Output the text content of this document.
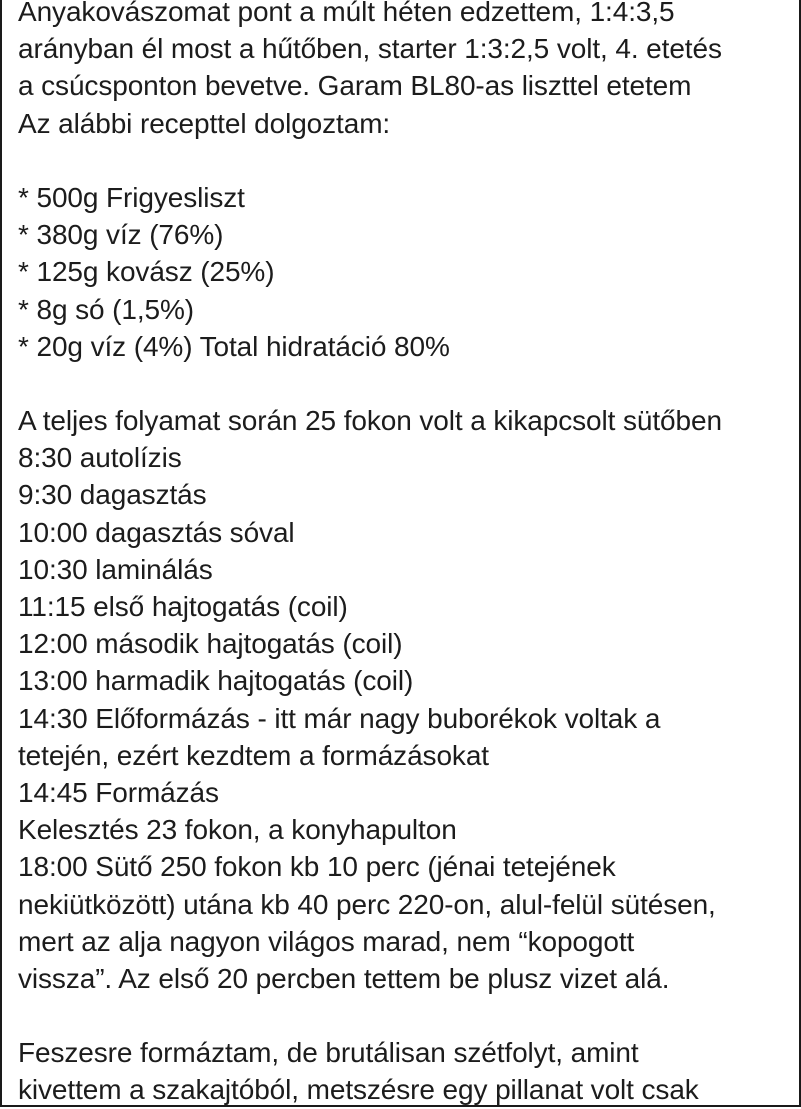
Anyakovászomat pont a múlt héten edzettem, 1:4:3,5
arányban él most a hűtőben, starter 1:3:2,5 volt, 4. etetés
a csúcsponton bevetve. Garam BL80-as liszttel etetem
Az alábbi recepttel dolgoztam:
* 500g Frigyesliszt
* 380g víz (76%)
* 125g kovász (25%)
* 8g só (1,5%)
* 20g víz (4%) Total hidratáció 80%
A teljes folyamat során 25 fokon volt a kikapcsolt sütőben
8:30 autolízis
9:30 dagasztás
10:00 dagasztás sóval
10:30 laminálás
11:15 első hajtogatás (coil)
12:00 második hajtogatás (coil)
13:00 harmadik hajtogatás (coil)
14:30 Előformázás - itt már nagy buborékok voltak a
tetején, ezért kezdtem a formázásokat
14:45 Formázás
Kelesztés 23 fokon, a konyhapulton
18:00 Sütő 250 fokon kb 10 perc (jénai tetejének
nekiütközött) utána kb 40 perc 220-on, alul-felül sütésen,
mert az alja nagyon világos marad, nem “kopogott
vissza”. Az első 20 percben tettem be plusz vizet alá.
Feszesre formáztam, de brutálisan szétfolyt, amint
kivettem a szakajtóból, metszésre egy pillanat volt csak
